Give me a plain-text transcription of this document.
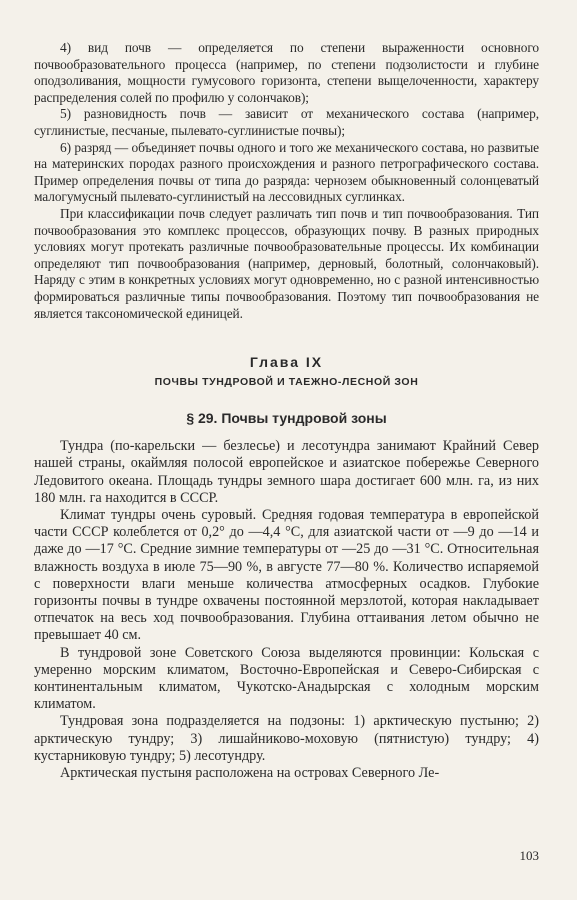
4) вид почв — определяется по степени выраженности основного почвообразовательного процесса (например, по степени подзолистости и глубине оподзоливания, мощности гумусового горизонта, степени выщелоченности, характеру распределения солей по профилю у солончаков);

5) разновидность почв — зависит от механического состава (например, суглинистые, песчаные, пылевато-суглинистые почвы);

6) разряд — объединяет почвы одного и того же механического состава, но развитые на материнских породах разного происхождения и разного петрографического состава. Пример определения почвы от типа до разряда: чернозем обыкновенный солонцеватый малогумусный пылевато-суглинистый на лессовидных суглинках.

При классификации почв следует различать тип почв и тип почвообразования. Тип почвообразования это комплекс процессов, образующих почву. В разных природных условиях могут протекать различные почвообразовательные процессы. Их комбинации определяют тип почвообразования (например, дерновый, болотный, солончаковый). Наряду с этим в конкретных условиях могут одновременно, но с разной интенсивностью формироваться различные типы почвообразования. Поэтому тип почвообразования не является таксономической единицей.

Глава IX
ПОЧВЫ ТУНДРОВОЙ И ТАЕЖНО-ЛЕСНОЙ ЗОН
§ 29. Почвы тундровой зоны

Тундра (по-карельски — безлесье) и лесотундра занимают Крайний Север нашей страны, окаймляя полосой европейское и азиатское побережье Северного Ледовитого океана. Площадь тундры земного шара достигает 600 млн. га, из них 180 млн. га находится в СССР.

Климат тундры очень суровый. Средняя годовая температура в европейской части СССР колеблется от 0,2° до —4,4 °С, для азиатской части от —9 до —14 и даже до —17 °С. Средние зимние температуры от —25 до —31 °С. Относительная влажность воздуха в июле 75—90 %, в августе 77—80 %. Количество испаряемой с поверхности влаги меньше количества атмосферных осадков. Глубокие горизонты почвы в тундре охвачены постоянной мерзлотой, которая накладывает отпечаток на весь ход почвообразования. Глубина оттаивания летом обычно не превышает 40 см.

В тундровой зоне Советского Союза выделяются провинции: Кольская с умеренно морским климатом, Восточно-Европейская и Северо-Сибирская с континентальным климатом, Чукотско-Анадырская с холодным морским климатом.

Тундровая зона подразделяется на подзоны: 1) арктическую пустыню; 2) арктическую тундру; 3) лишайниково-моховую (пятнистую) тундру; 4) кустарниковую тундру; 5) лесотундру.

Арктическая пустыня расположена на островах Северного Ле-

103
